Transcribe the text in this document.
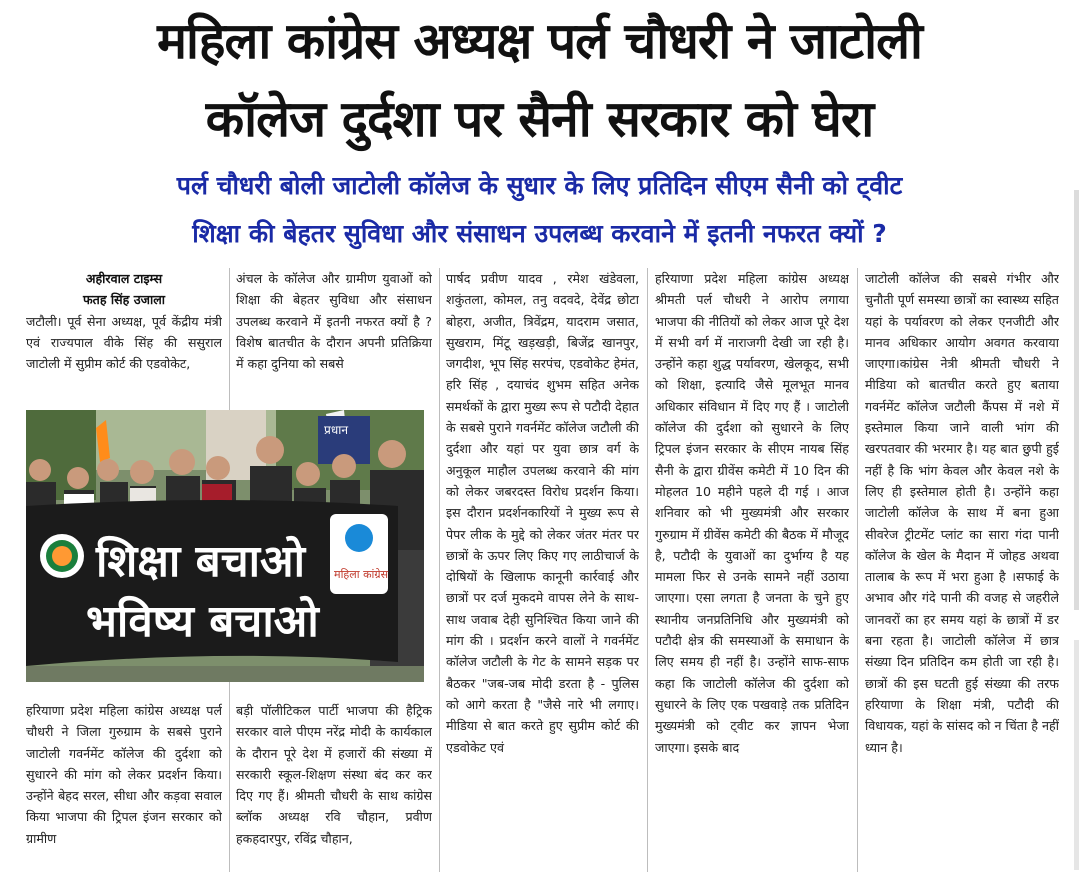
महिला कांग्रेस अध्यक्ष पर्ल चौधरी ने जाटोली
कॉलेज दुर्दशा पर सैनी सरकार को घेरा
पर्ल चौधरी बोली जाटोली कॉलेज के सुधार के लिए प्रतिदिन सीएम सैनी को ट्वीट
शिक्षा की बेहतर सुविधा और संसाधन उपलब्ध करवाने में इतनी नफरत क्यों ?
अहीरवाल टाइम्स
फतह सिंह उजाला

जटौली। पूर्व सेना अध्यक्ष, पूर्व केंद्रीय मंत्री एवं राज्यपाल वीके सिंह की ससुराल जाटोली में सुप्रीम कोर्ट की एडवोकेट,

अंचल के कॉलेज और ग्रामीण युवाओं को शिक्षा की बेहतर सुविधा और संसाधन उपलब्ध करवाने में इतनी नफरत क्यों है ? विशेष बातचीत के दौरान अपनी प्रतिक्रिया में कहा दुनिया को सबसे

प्रधान
महिला कांग्रेस
शिक्षा बचाओ
भविष्य बचाओ

हरियाणा प्रदेश महिला कांग्रेस अध्यक्ष पर्ल चौधरी ने जिला गुरुग्राम के सबसे पुराने जाटोली गवर्नमेंट कॉलेज की दुर्दशा को सुधारने की मांग को लेकर प्रदर्शन किया। उन्होंने बेहद सरल, सीधा और कड़वा सवाल किया भाजपा की ट्रिपल इंजन सरकार को ग्रामीण

बड़ी पॉलीटिकल पार्टी भाजपा की हैट्रिक सरकार वाले पीएम नरेंद्र मोदी के कार्यकाल के दौरान पूरे देश में हजारों की संख्या में सरकारी स्कूल-शिक्षण संस्था बंद कर कर दिए गए हैं। श्रीमती चौधरी के साथ कांग्रेस ब्लॉक अध्यक्ष रवि चौहान, प्रवीण हकहदारपुर, रविंद्र चौहान,

पार्षद प्रवीण यादव , रमेश खंडेवला, शकुंतला, कोमल, तनु वदवदे, देवेंद्र छोटा बोहरा, अजीत, त्रिवेंद्रम, यादराम जसात, सुखराम, मिंटू खड़खड़ी, बिजेंद्र खानपुर, जगदीश, भूप सिंह सरपंच, एडवोकेट हेमंत, हरि सिंह , दयाचंद शुभम सहित अनेक समर्थकों के द्वारा मुख्य रूप से पटौदी देहात के सबसे पुराने गवर्नमेंट कॉलेज जटौली की दुर्दशा और यहां पर युवा छात्र वर्ग के अनुकूल माहौल उपलब्ध करवाने की मांग को लेकर जबरदस्त विरोध प्रदर्शन किया। इस दौरान प्रदर्शनकारियों ने मुख्य रूप से पेपर लीक के मुद्दे को लेकर जंतर मंतर पर छात्रों के ऊपर लिए किए गए लाठीचार्ज के दोषियों के खिलाफ कानूनी कार्रवाई और छात्रों पर दर्ज मुकदमे वापस लेने के साथ-साथ जवाब देही सुनिश्चित किया जाने की मांग की । प्रदर्शन करने वालों ने गवर्नमेंट कॉलेज जटौली के गेट के सामने सड़क पर बैठकर "जब-जब मोदी डरता है - पुलिस को आगे करता है "जैसे नारे भी लगाए। मीडिया से बात करते हुए सुप्रीम कोर्ट की एडवोकेट एवं

हरियाणा प्रदेश महिला कांग्रेस अध्यक्ष श्रीमती पर्ल चौधरी ने आरोप लगाया भाजपा की नीतियों को लेकर आज पूरे देश में सभी वर्ग में नाराजगी देखी जा रही है। उन्होंने कहा शुद्ध पर्यावरण, खेलकूद, सभी को शिक्षा, इत्यादि जैसे मूलभूत मानव अधिकार संविधान में दिए गए हैं । जाटोली कॉलेज की दुर्दशा को सुधारने के लिए ट्रिपल इंजन सरकार के सीएम नायब सिंह सैनी के द्वारा ग्रीवेंस कमेटी में 10 दिन की मोहलत 10 महीने पहले दी गई । आज शनिवार को भी मुख्यमंत्री और सरकार गुरुग्राम में ग्रीवेंस कमेटी की बैठक में मौजूद है, पटौदी के युवाओं का दुर्भाग्य है यह मामला फिर से उनके सामने नहीं उठाया जाएगा। एसा लगता है जनता के चुने हुए स्थानीय जनप्रतिनिधि और मुख्यमंत्री को पटौदी क्षेत्र की समस्याओं के समाधान के लिए समय ही नहीं है। उन्होंने साफ-साफ कहा कि जाटोली कॉलेज की दुर्दशा को सुधारने के लिए एक पखवाड़े तक प्रतिदिन मुख्यमंत्री को ट्वीट कर ज्ञापन भेजा जाएगा। इसके बाद

जाटोली कॉलेज की सबसे गंभीर और चुनौती पूर्ण समस्या छात्रों का स्वास्थ्य सहित यहां के पर्यावरण को लेकर एनजीटी और मानव अधिकार आयोग अवगत करवाया जाएगा।कांग्रेस नेत्री श्रीमती चौधरी ने मीडिया को बातचीत करते हुए बताया गवर्नमेंट कॉलेज जटौली कैंपस में नशे में इस्तेमाल किया जाने वाली भांग की खरपतवार की भरमार है। यह बात छुपी हुई नहीं है कि भांग केवल और केवल नशे के लिए ही इस्तेमाल होती है। उन्होंने कहा जाटोली कॉलेज के साथ में बना हुआ सीवरेज ट्रीटमेंट प्लांट का सारा गंदा पानी कॉलेज के खेल के मैदान में जोहड अथवा तालाब के रूप में भरा हुआ है ।सफाई के अभाव और गंदे पानी की वजह से जहरीले जानवरों का हर समय यहां के छात्रों में डर बना रहता है। जाटोली कॉलेज में छात्र संख्या दिन प्रतिदिन कम होती जा रही है। छात्रों की इस घटती हुई संख्या की तरफ हरियाणा के शिक्षा मंत्री, पटौदी की विधायक, यहां के सांसद को न चिंता है नहीं ध्यान है।
